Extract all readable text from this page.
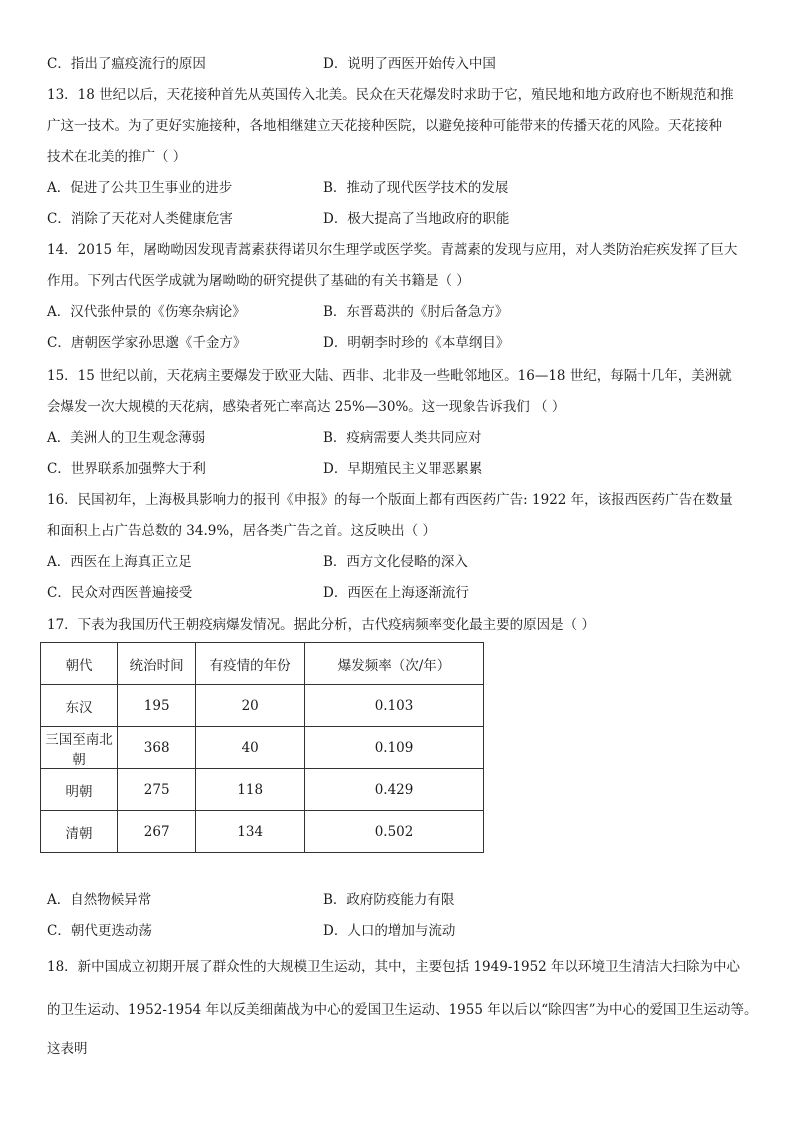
C．指出了瘟疫流行的原因	D．说明了西医开始传入中国
13．18 世纪以后，天花接种首先从英国传入北美。民众在天花爆发时求助于它，殖民地和地方政府也不断规范和推
广这一技术。为了更好实施接种，各地相继建立天花接种医院，以避免接种可能带来的传播天花的风险。天花接种
技术在北美的推广（ ）
A．促进了公共卫生事业的进步	B．推动了现代医学技术的发展
C．消除了天花对人类健康危害	D．极大提高了当地政府的职能
14．2015 年，屠呦呦因发现青蒿素获得诺贝尔生理学或医学奖。青蒿素的发现与应用，对人类防治疟疾发挥了巨大
作用。下列古代医学成就为屠呦呦的研究提供了基础的有关书籍是（ ）
A．汉代张仲景的《伤寒杂病论》	B．东晋葛洪的《肘后备急方》
C．唐朝医学家孙思邈《千金方》	D．明朝李时珍的《本草纲目》
15．15 世纪以前，天花病主要爆发于欧亚大陆、西非、北非及一些毗邻地区。16—18 世纪，每隔十几年，美洲就
会爆发一次大规模的天花病，感染者死亡率高达 25%—30%。这一现象告诉我们 （ ）
A．美洲人的卫生观念薄弱	B．疫病需要人类共同应对
C．世界联系加强弊大于利	D．早期殖民主义罪恶累累
16．民国初年，上海极具影响力的报刊《申报》的每一个版面上都有西医药广告: 1922 年，该报西医药广告在数量
和面积上占广告总数的 34.9%，居各类广告之首。这反映出（ ）
A．西医在上海真正立足	B．西方文化侵略的深入
C．民众对西医普遍接受	D．西医在上海逐渐流行
17．下表为我国历代王朝疫病爆发情况。据此分析，古代疫病频率变化最主要的原因是（ ）
朝代	统治时间	有疫情的年份	爆发频率（次/年）
东汉	195	20	0.103
三国至南北朝	368	40	0.109
明朝	275	118	0.429
清朝	267	134	0.502
A．自然物候异常	B．政府防疫能力有限
C．朝代更迭动荡	D．人口的增加与流动
18．新中国成立初期开展了群众性的大规模卫生运动，其中，主要包括 1949-1952 年以环境卫生清洁大扫除为中心
的卫生运动、1952-1954 年以反美细菌战为中心的爱国卫生运动、1955 年以后以“除四害”为中心的爱国卫生运动等。
这表明
